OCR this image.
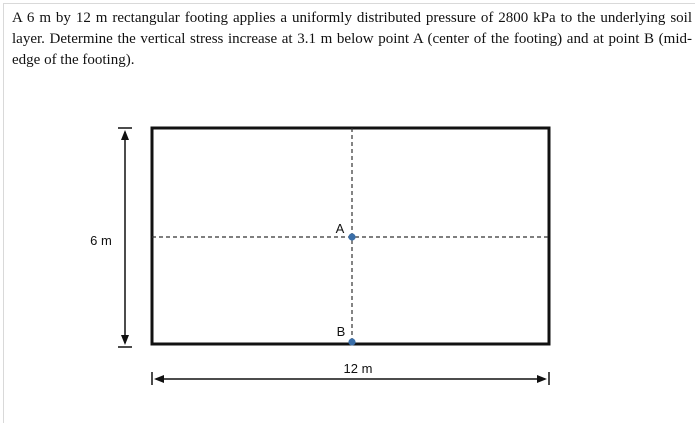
A 6 m by 12 m rectangular footing applies a uniformly distributed pressure of 2800 kPa to the underlying soil layer. Determine the vertical stress increase at 3.1 m below point A (center of the footing) and at point B (mid-edge of the footing).
A
B
6 m
12 m
